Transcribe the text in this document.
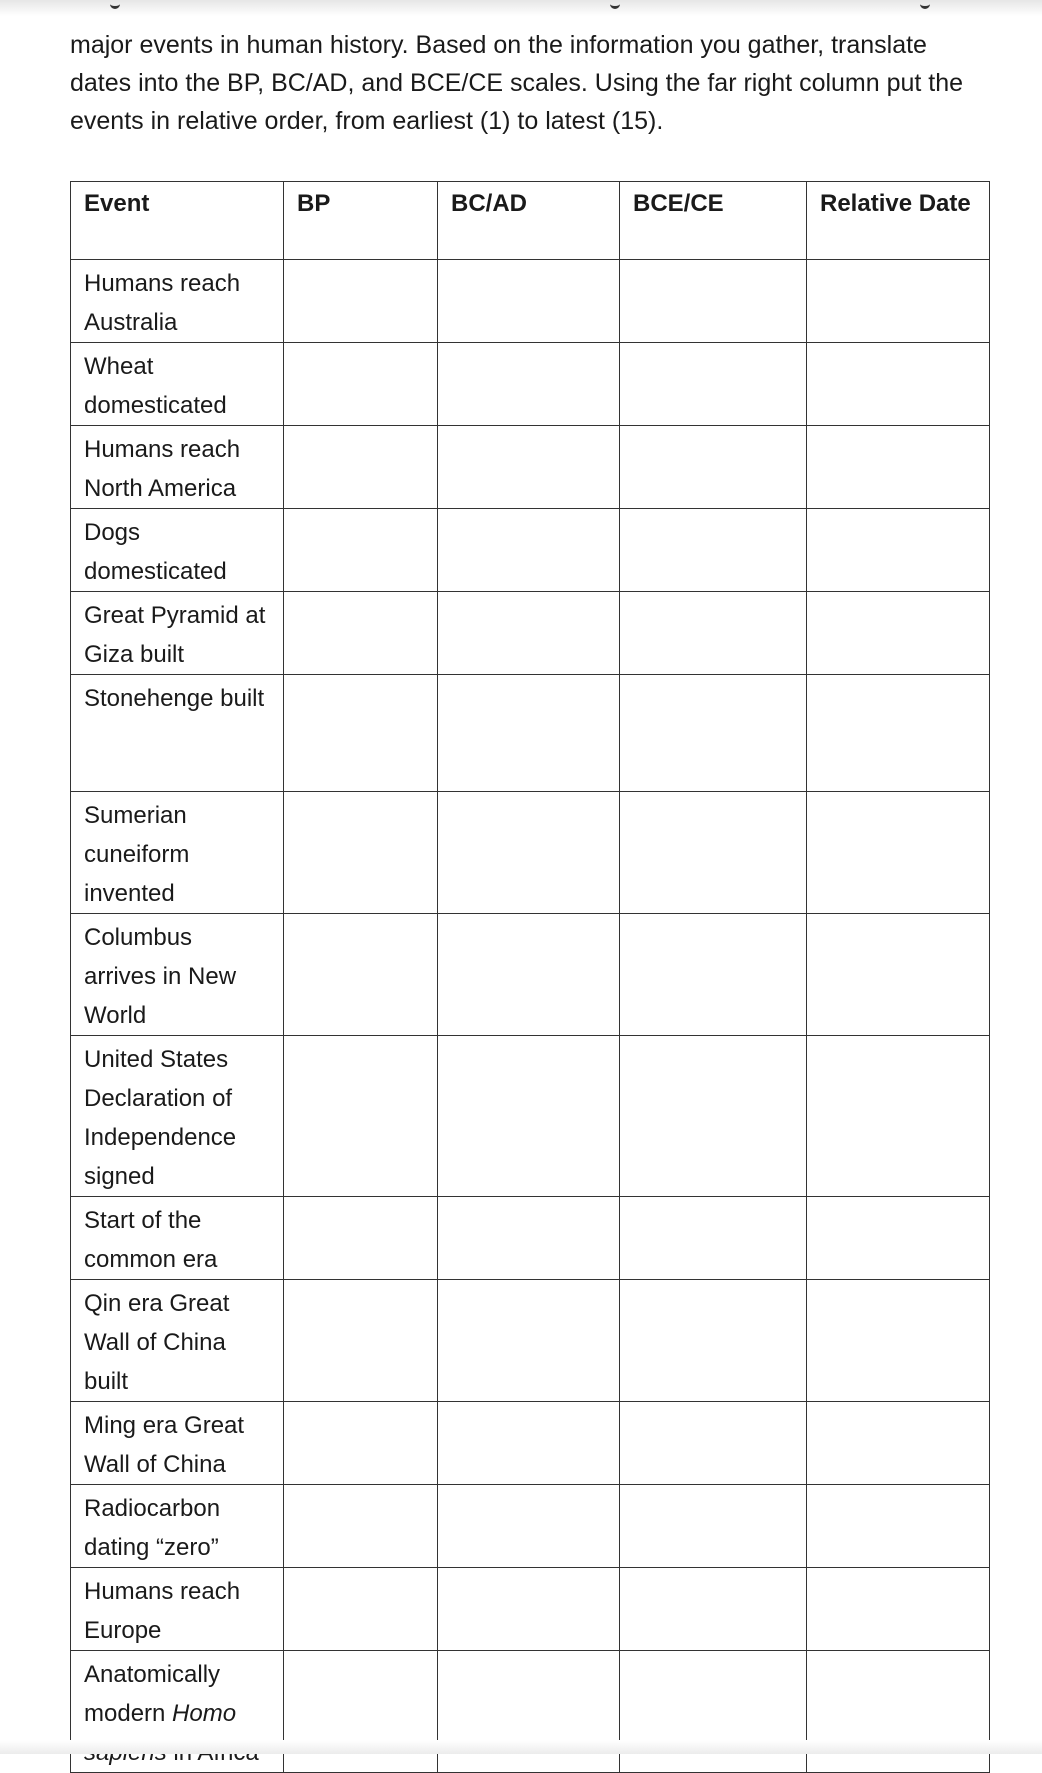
major events in human history. Based on the information you gather, translate

dates into the BP, BC/AD, and BCE/CE scales. Using the far right column put the

events in relative order, from earliest (1) to latest (15).

Event	BP	BC/AD	BCE/CE	Relative Date
Humans reach Australia				
Wheat domesticated				
Humans reach North America				
Dogs domesticated				
Great Pyramid at Giza built				
Stonehenge built				
Sumerian cuneiform invented				
Columbus arrives in New World				
United States Declaration of Independence signed				
Start of the common era				
Qin era Great Wall of China built				
Ming era Great Wall of China				
Radiocarbon dating “zero”				
Humans reach Europe				
Anatomically modern Homo				
